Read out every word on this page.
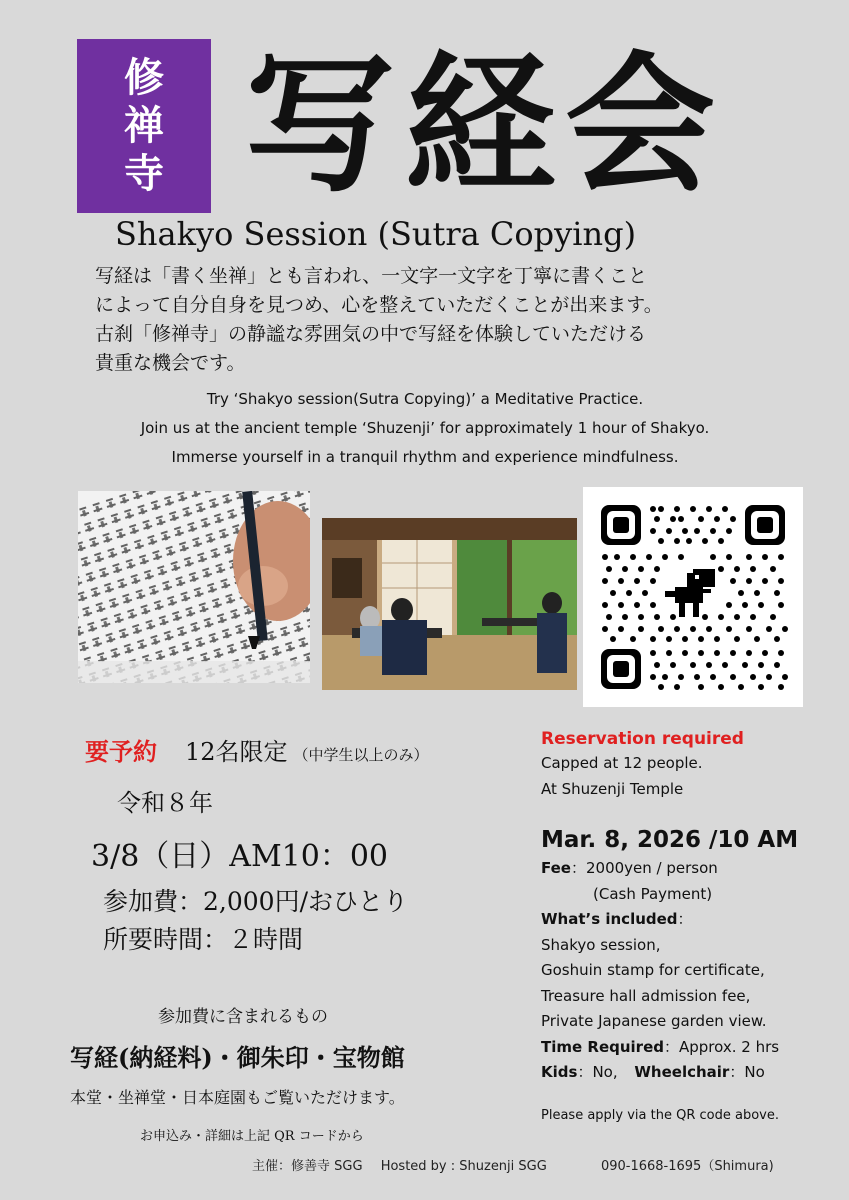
修
禅
寺 写経会
Shakyo Session (Sutra Copying)
写経は「書く坐禅」とも言われ、一文字一文字を丁寧に書くこと
によって自分自身を見つめ、心を整えていただくことが出来ます。
古刹「修禅寺」の静謐な雰囲気の中で写経を体験していただける
貴重な機会です。
Try ‘Shakyo session(Sutra Copying)’ a Meditative Practice.
Join us at the ancient temple ‘Shuzenji’ for approximately 1 hour of Shakyo.
Immerse yourself in a tranquil rhythm and experience mindfulness.
要予約 12名限定 （中学生以上のみ）
令和８年
3/8（日）AM10：00
参加費：2,000円/おひとり
所要時間：２時間
参加費に含まれるもの
写経(納経料)・御朱印・宝物館
本堂・坐禅堂・日本庭園もご覧いただけます。
お申込み・詳細は上記 QR コードから
Reservation required
Capped at 12 people.
At Shuzenji Temple
Mar. 8, 2026 /10 AM
Fee：2000yen / person
(Cash Payment)
What’s included：
Shakyo session,
Goshuin stamp for certificate,
Treasure hall admission fee,
Private Japanese garden view.
Time Required：Approx. 2 hrs
Kids：No, Wheelchair：No
Please apply via the QR code above.
主催：修善寺 SGG Hosted by : Shuzenji SGG	090-1668-1695（Shimura)
